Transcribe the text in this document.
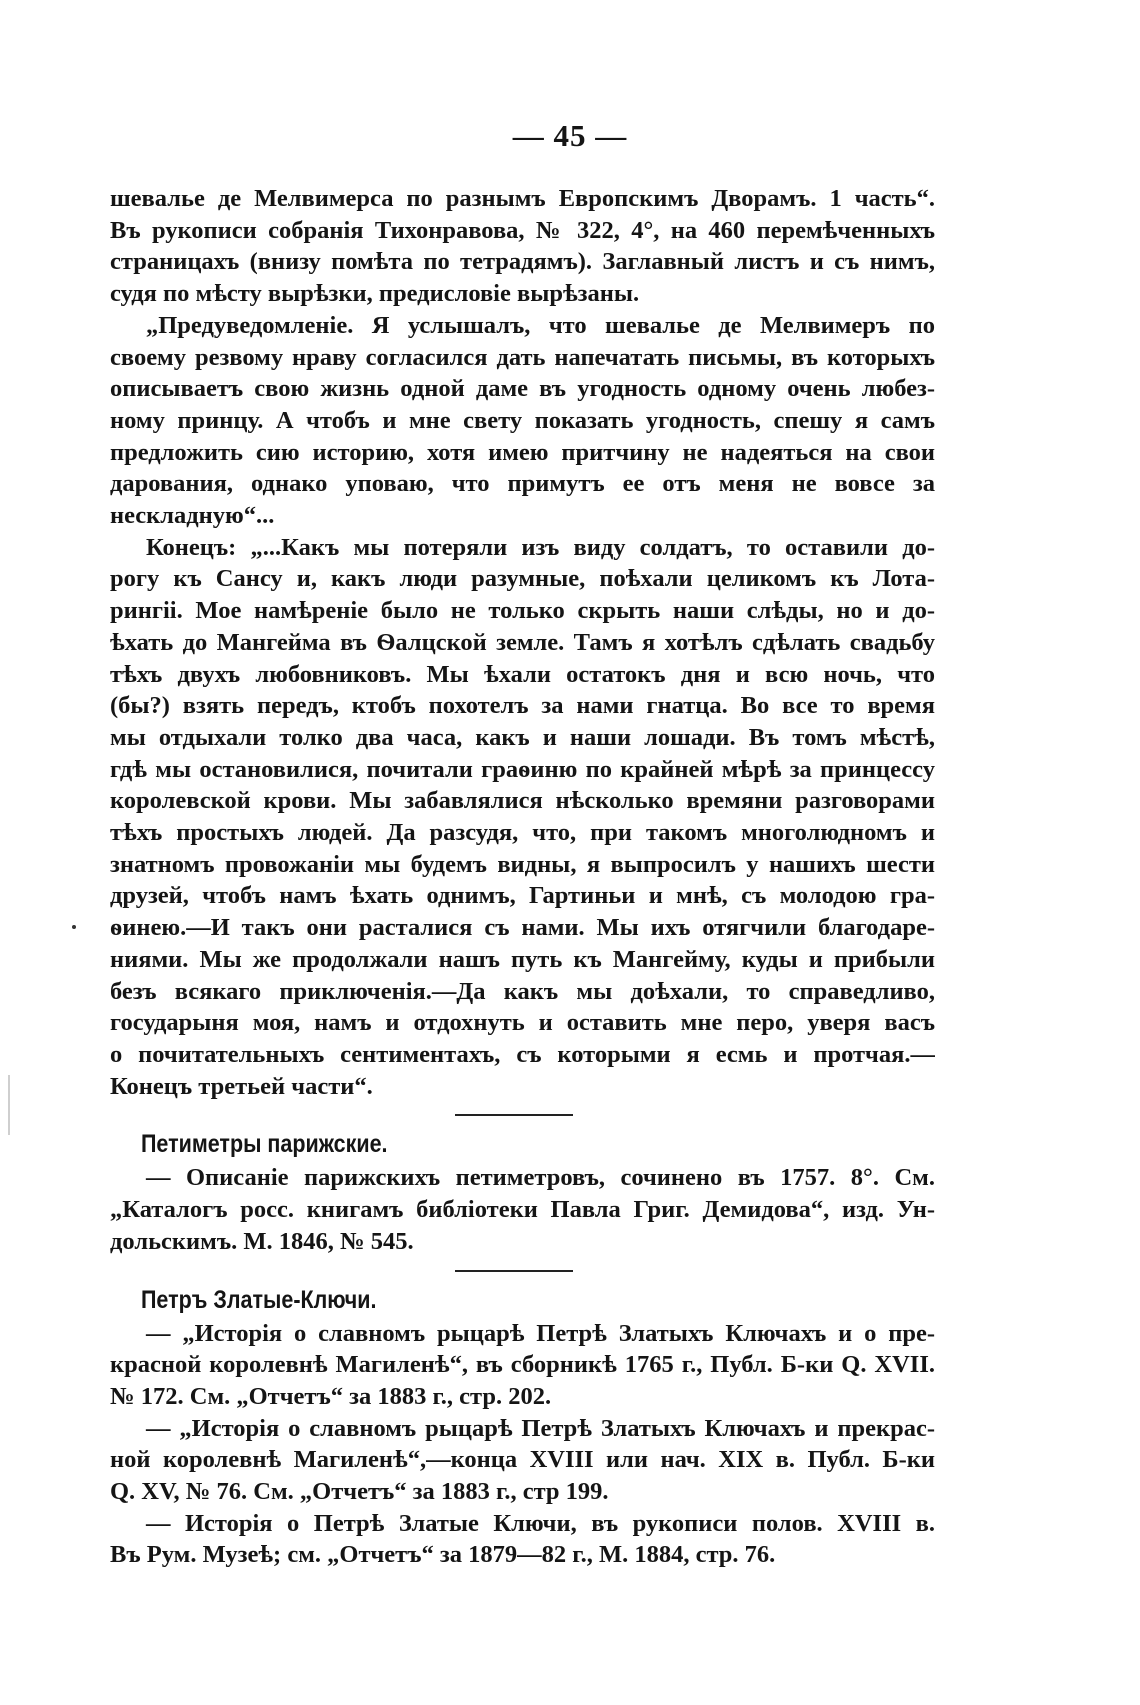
— 45 —
шевалье де Мелвимерса по разнымъ Европскимъ Дворамъ. 1 часть“.
Въ рукописи собранія Тихонравова, № 322, 4°, на 460 перемѣченныхъ
страницахъ (внизу помѣта по тетрадямъ). Заглавный листъ и съ нимъ,
судя по мѣсту вырѣзки, предисловіе вырѣзаны.
„Предуведомленіе. Я услышалъ, что шевалье де Мелвимеръ по
своему резвому нраву согласился дать напечатать письмы, въ которыхъ
описываетъ свою жизнь одной даме въ угодность одному очень любез-
ному принцу. А чтобъ и мне свету показать угодность, спешу я самъ
предложить сию историю, хотя имею притчину не надеяться на свои
дарования, однако уповаю, что примутъ ее отъ меня не вовсе за
нескладную“...
Конецъ: „...Какъ мы потеряли изъ виду солдатъ, то оставили до-
рогу къ Сансу и, какъ люди разумные, поѣхали целикомъ къ Лота-
рингіі. Мое намѣреніе было не только скрыть наши слѣды, но и до-
ѣхать до Мангейма въ Ѳалцской земле. Тамъ я хотѣлъ сдѣлать свадьбу
тѣхъ двухъ любовниковъ. Мы ѣхали остатокъ дня и всю ночь, что
(бы?) взять передъ, ктобъ похотелъ за нами гнатца. Во все то время
мы отдыхали толко два часа, какъ и наши лошади. Въ томъ мѣстѣ,
гдѣ мы остановилися, почитали граѳиню по крайней мѣрѣ за принцессу
королевской крови. Мы забавлялися нѣсколько времяни разговорами
тѣхъ простыхъ людей. Да разсудя, что, при такомъ многолюдномъ и
знатномъ провожаніи мы будемъ видны, я выпросилъ у нашихъ шести
друзей, чтобъ намъ ѣхать однимъ, Гартиньи и мнѣ, съ молодою гра-
ѳинею.—И такъ они расталися съ нами. Мы ихъ отягчили благодаре-
ниями. Мы же продолжали нашъ путь къ Мангейму, куды и прибыли
безъ всякаго приключенія.—Да какъ мы доѣхали, то справедливо,
государыня моя, намъ и отдохнуть и оставить мне перо, уверя васъ
о почитательныхъ сентиментахъ, съ которыми я есмь и протчая.—
Конецъ третьей части“.
Петиметры парижские.
— Описаніе парижскихъ петиметровъ, сочинено въ 1757. 8°. См.
„Каталогъ росс. книгамъ библіотеки Павла Григ. Демидова“, изд. Ун-
дольскимъ. М. 1846, № 545.
Петръ Златые-Ключи.
— „Исторія о славномъ рыцарѣ Петрѣ Златыхъ Ключахъ и о пре-
красной королевнѣ Магиленѣ“, въ сборникѣ 1765 г., Публ. Б-ки Q. XVII.
№ 172. См. „Отчетъ“ за 1883 г., стр. 202.
— „Исторія о славномъ рыцарѣ Петрѣ Златыхъ Ключахъ и прекрас-
ной королевнѣ Магиленѣ“,—конца XVIII или нач. XIX в. Публ. Б-ки
Q. XV, № 76. См. „Отчетъ“ за 1883 г., стр 199.
— Исторія о Петрѣ Златые Ключи, въ рукописи полов. XVIII в.
Въ Рум. Музеѣ; см. „Отчетъ“ за 1879—82 г., М. 1884, стр. 76.
